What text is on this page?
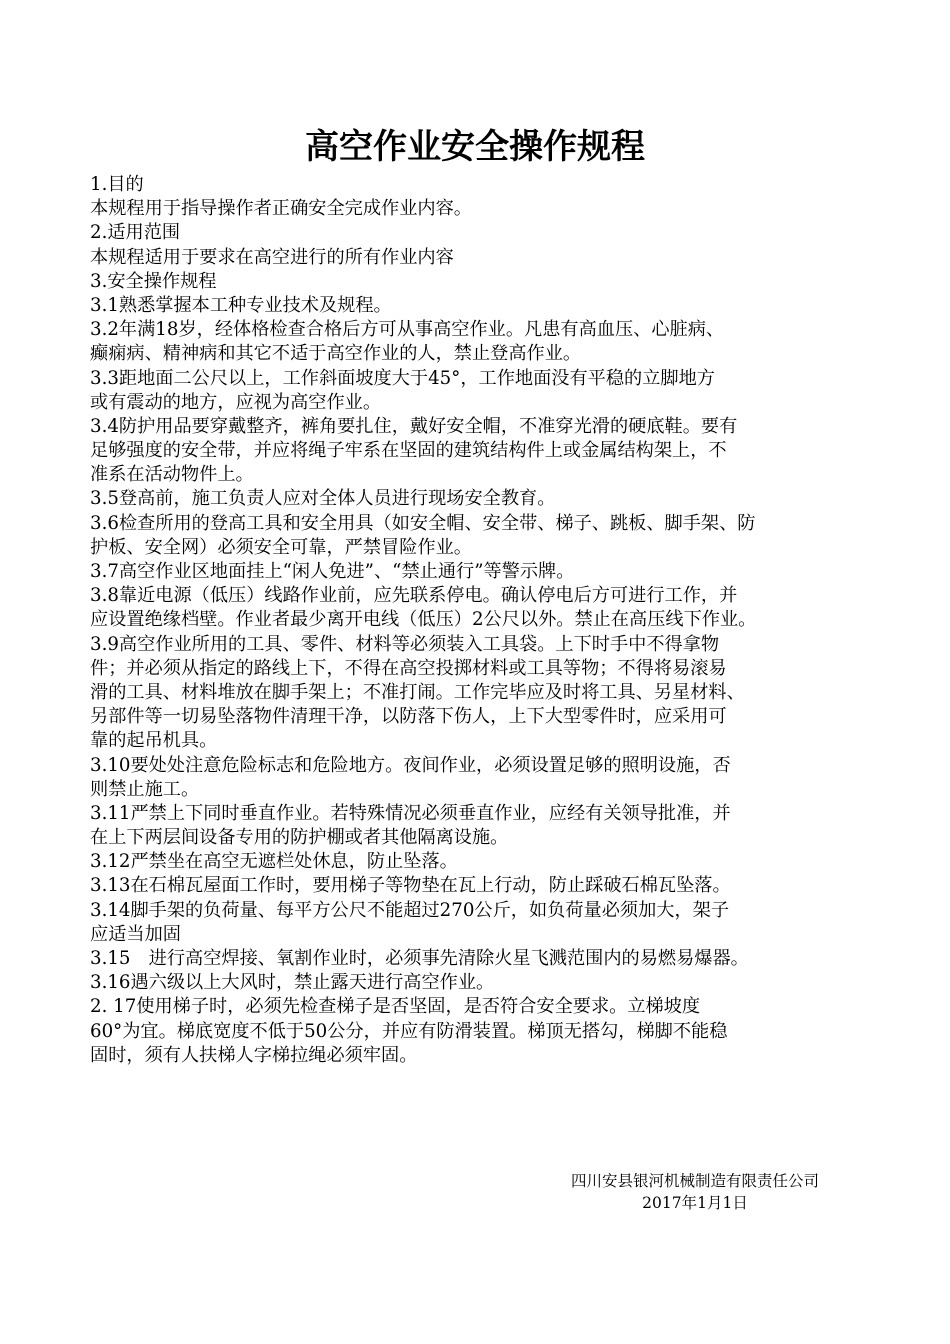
高空作业安全操作规程
1.目的
本规程用于指导操作者正确安全完成作业内容。
2.适用范围
本规程适用于要求在高空进行的所有作业内容
3.安全操作规程
3.1熟悉掌握本工种专业技术及规程。
3.2年满18岁，经体格检查合格后方可从事高空作业。凡患有高血压、心脏病、
癫痫病、精神病和其它不适于高空作业的人，禁止登高作业。
3.3距地面二公尺以上，工作斜面坡度大于45°，工作地面没有平稳的立脚地方
或有震动的地方，应视为高空作业。
3.4防护用品要穿戴整齐，裤角要扎住，戴好安全帽，不准穿光滑的硬底鞋。要有
足够强度的安全带，并应将绳子牢系在坚固的建筑结构件上或金属结构架上，不
准系在活动物件上。
3.5登高前，施工负责人应对全体人员进行现场安全教育。
3.6检查所用的登高工具和安全用具（如安全帽、安全带、梯子、跳板、脚手架、防
护板、安全网）必须安全可靠，严禁冒险作业。
3.7高空作业区地面挂上“闲人免进”、“禁止通行”等警示牌。
3.8靠近电源（低压）线路作业前，应先联系停电。确认停电后方可进行工作，并
应设置绝缘档壁。作业者最少离开电线（低压）2公尺以外。禁止在高压线下作业。
3.9高空作业所用的工具、零件、材料等必须装入工具袋。上下时手中不得拿物
件；并必须从指定的路线上下，不得在高空投掷材料或工具等物；不得将易滚易
滑的工具、材料堆放在脚手架上；不准打闹。工作完毕应及时将工具、另星材料、
另部件等一切易坠落物件清理干净，以防落下伤人，上下大型零件时，应采用可
靠的起吊机具。
3.10要处处注意危险标志和危险地方。夜间作业，必须设置足够的照明设施，否
则禁止施工。
3.11严禁上下同时垂直作业。若特殊情况必须垂直作业，应经有关领导批准，并
在上下两层间设备专用的防护棚或者其他隔离设施。
3.12严禁坐在高空无遮栏处休息，防止坠落。
3.13在石棉瓦屋面工作时，要用梯子等物垫在瓦上行动，防止踩破石棉瓦坠落。
3.14脚手架的负荷量、每平方公尺不能超过270公斤，如负荷量必须加大，架子
应适当加固
3.15　进行高空焊接、氧割作业时，必须事先清除火星飞溅范围内的易燃易爆器。
3.16遇六级以上大风时，禁止露天进行高空作业。
2. 17使用梯子时，必须先检查梯子是否坚固，是否符合安全要求。立梯坡度
60°为宜。梯底宽度不低于50公分，并应有防滑装置。梯顶无搭勾，梯脚不能稳
固时，须有人扶梯人字梯拉绳必须牢固。
四川安县银河机械制造有限责任公司
2017年1月1日
